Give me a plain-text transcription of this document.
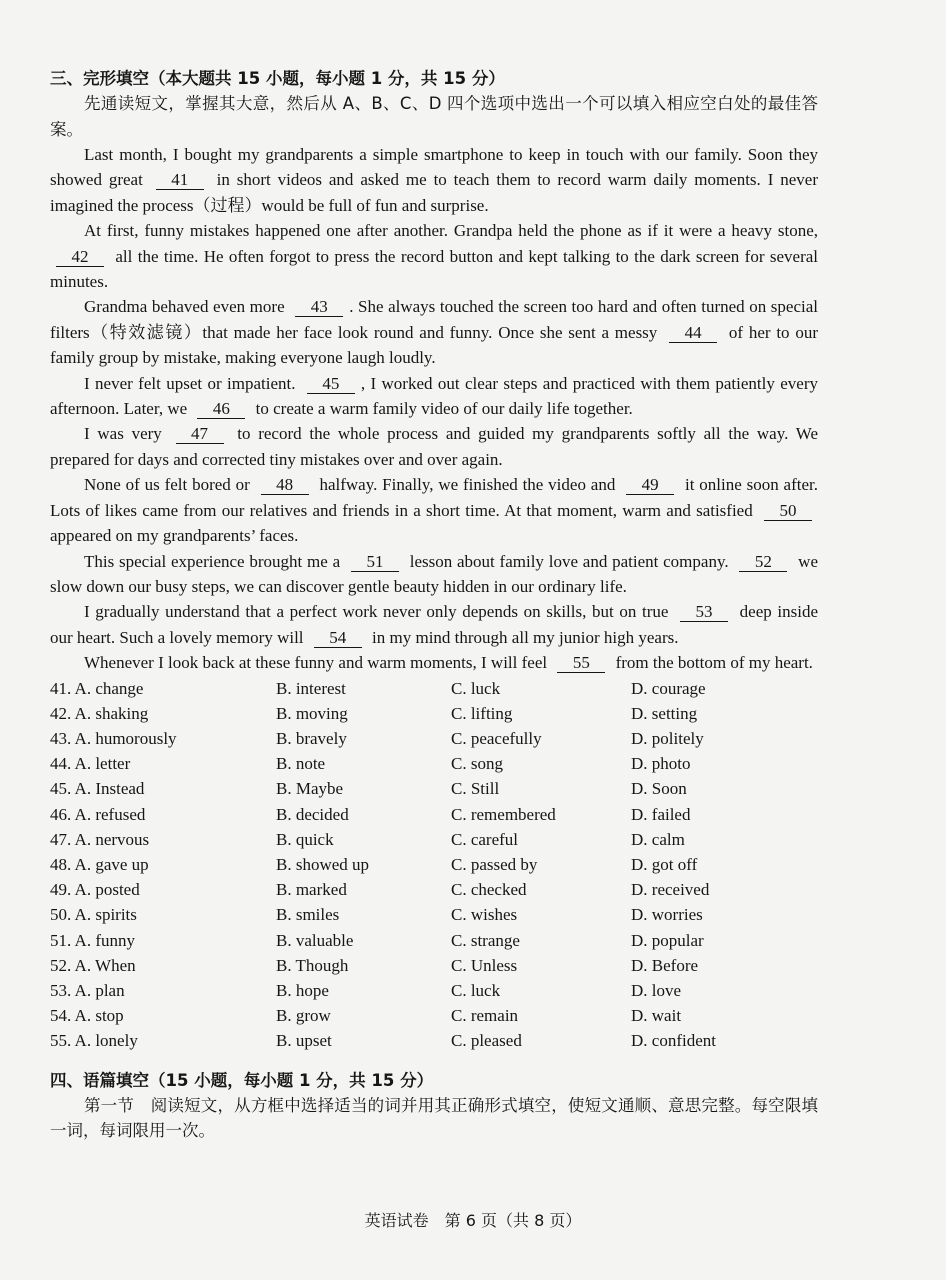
三、完形填空（本大题共 15 小题，每小题 1 分，共 15 分）

先通读短文，掌握其大意，然后从 A、B、C、D 四个选项中选出一个可以填入相应空白处的最佳答案。

Last month, I bought my grandparents a simple smartphone to keep in touch with our family. Soon they showed great 41 in short videos and asked me to teach them to record warm daily moments. I never imagined the process（过程）would be full of fun and surprise.

At first, funny mistakes happened one after another. Grandpa held the phone as if it were a heavy stone, 42 all the time. He often forgot to press the record button and kept talking to the dark screen for several minutes.

Grandma behaved even more 43 . She always touched the screen too hard and often turned on special filters（特效滤镜）that made her face look round and funny. Once she sent a messy 44 of her to our family group by mistake, making everyone laugh loudly.

I never felt upset or impatient. 45 , I worked out clear steps and practiced with them patiently every afternoon. Later, we 46 to create a warm family video of our daily life together.

I was very 47 to record the whole process and guided my grandparents softly all the way. We prepared for days and corrected tiny mistakes over and over again.

None of us felt bored or 48 halfway. Finally, we finished the video and 49 it online soon after. Lots of likes came from our relatives and friends in a short time. At that moment, warm and satisfied 50 appeared on my grandparents’ faces.

This special experience brought me a 51 lesson about family love and patient company. 52 we slow down our busy steps, we can discover gentle beauty hidden in our ordinary life.

I gradually understand that a perfect work never only depends on skills, but on true 53 deep inside our heart. Such a lovely memory will 54 in my mind through all my junior high years.

Whenever I look back at these funny and warm moments, I will feel 55 from the bottom of my heart.

41. A. change	B. interest	C. luck	D. courage
42. A. shaking	B. moving	C. lifting	D. setting
43. A. humorously	B. bravely	C. peacefully	D. politely
44. A. letter	B. note	C. song	D. photo
45. A. Instead	B. Maybe	C. Still	D. Soon
46. A. refused	B. decided	C. remembered	D. failed
47. A. nervous	B. quick	C. careful	D. calm
48. A. gave up	B. showed up	C. passed by	D. got off
49. A. posted	B. marked	C. checked	D. received
50. A. spirits	B. smiles	C. wishes	D. worries
51. A. funny	B. valuable	C. strange	D. popular
52. A. When	B. Though	C. Unless	D. Before
53. A. plan	B. hope	C. luck	D. love
54. A. stop	B. grow	C. remain	D. wait
55. A. lonely	B. upset	C. pleased	D. confident

四、语篇填空（15 小题，每小题 1 分，共 15 分）

第一节　阅读短文，从方框中选择适当的词并用其正确形式填空，使短文通顺、意思完整。每空限填一词，每词限用一次。

英语试卷　第 6 页（共 8 页）
